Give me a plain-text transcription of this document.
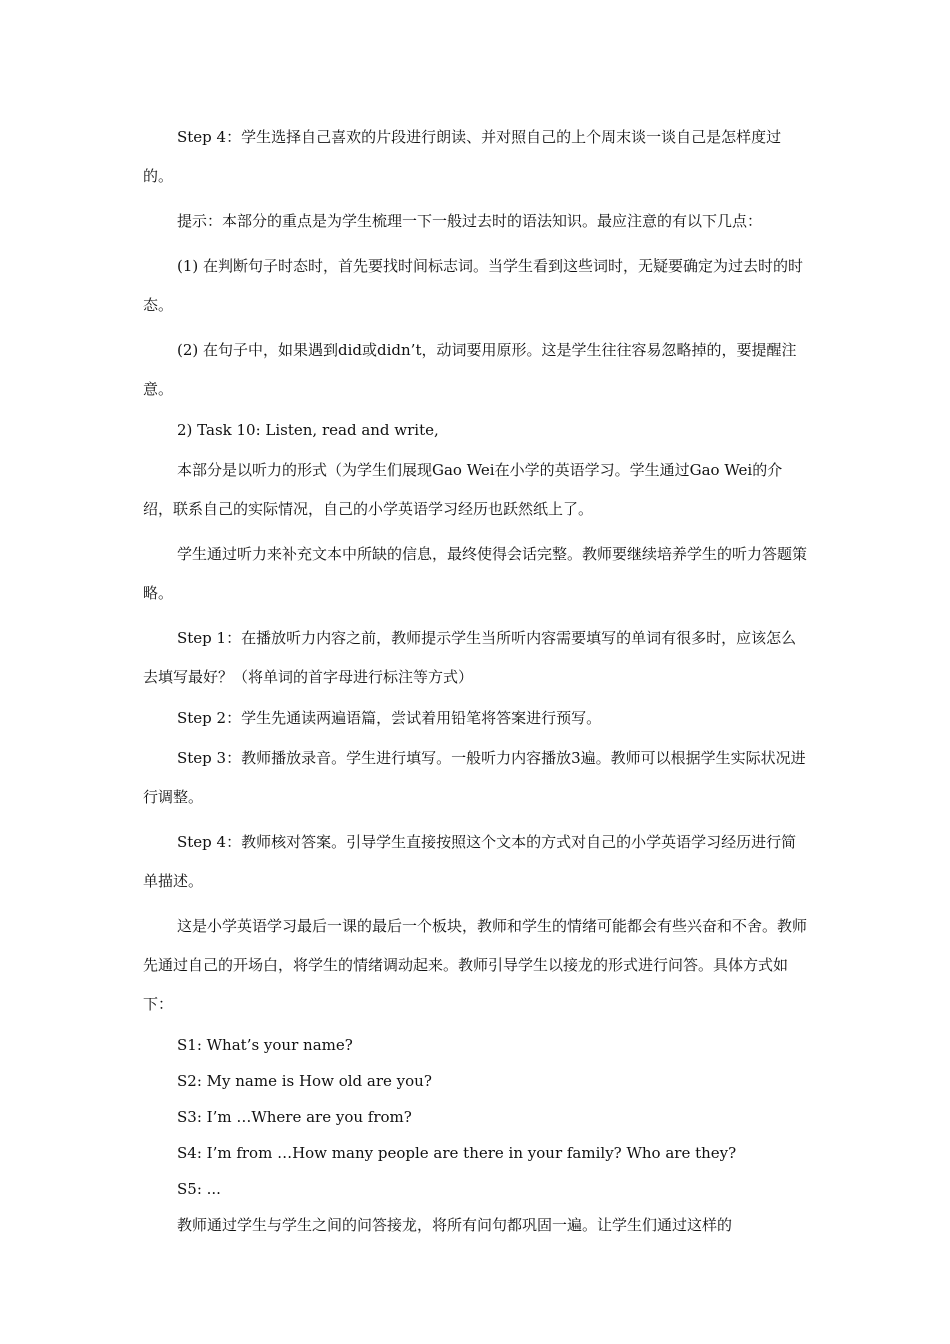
Step 4：学生选择自己喜欢的片段进行朗读、并对照自己的上个周末谈一谈自己是怎样度过的。

提示：本部分的重点是为学生梳理一下一般过去时的语法知识。最应注意的有以下几点：

(1) 在判断句子时态时，首先要找时间标志词。当学生看到这些词时，无疑要确定为过去时的时态。

(2) 在句子中，如果遇到did或didn’t，动词要用原形。这是学生往往容易忽略掉的，要提醒注意。

2) Task 10: Listen, read and write,

本部分是以听力的形式（为学生们展现Gao Wei在小学的英语学习。学生通过Gao Wei的介绍，联系自己的实际情况，自己的小学英语学习经历也跃然纸上了。

学生通过听力来补充文本中所缺的信息，最终使得会话完整。教师要继续培养学生的听力答题策略。

Step 1：在播放听力内容之前，教师提示学生当所听内容需要填写的单词有很多时，应该怎么去填写最好？（将单词的首字母进行标注等方式）

Step 2：学生先通读两遍语篇，尝试着用铅笔将答案进行预写。

Step 3：教师播放录音。学生进行填写。一般听力内容播放3遍。教师可以根据学生实际状况进行调整。

Step 4：教师核对答案。引导学生直接按照这个文本的方式对自己的小学英语学习经历进行简单描述。

这是小学英语学习最后一课的最后一个板块，教师和学生的情绪可能都会有些兴奋和不舍。教师先通过自己的开场白，将学生的情绪调动起来。教师引导学生以接龙的形式进行问答。具体方式如下：

S1: What’s your name?

S2: My name is How old are you?

S3: I’m …Where are you from?

S4: I’m from …How many people are there in your family? Who are they?

S5: ...

教师通过学生与学生之间的问答接龙，将所有问句都巩固一遍。让学生们通过这样的
